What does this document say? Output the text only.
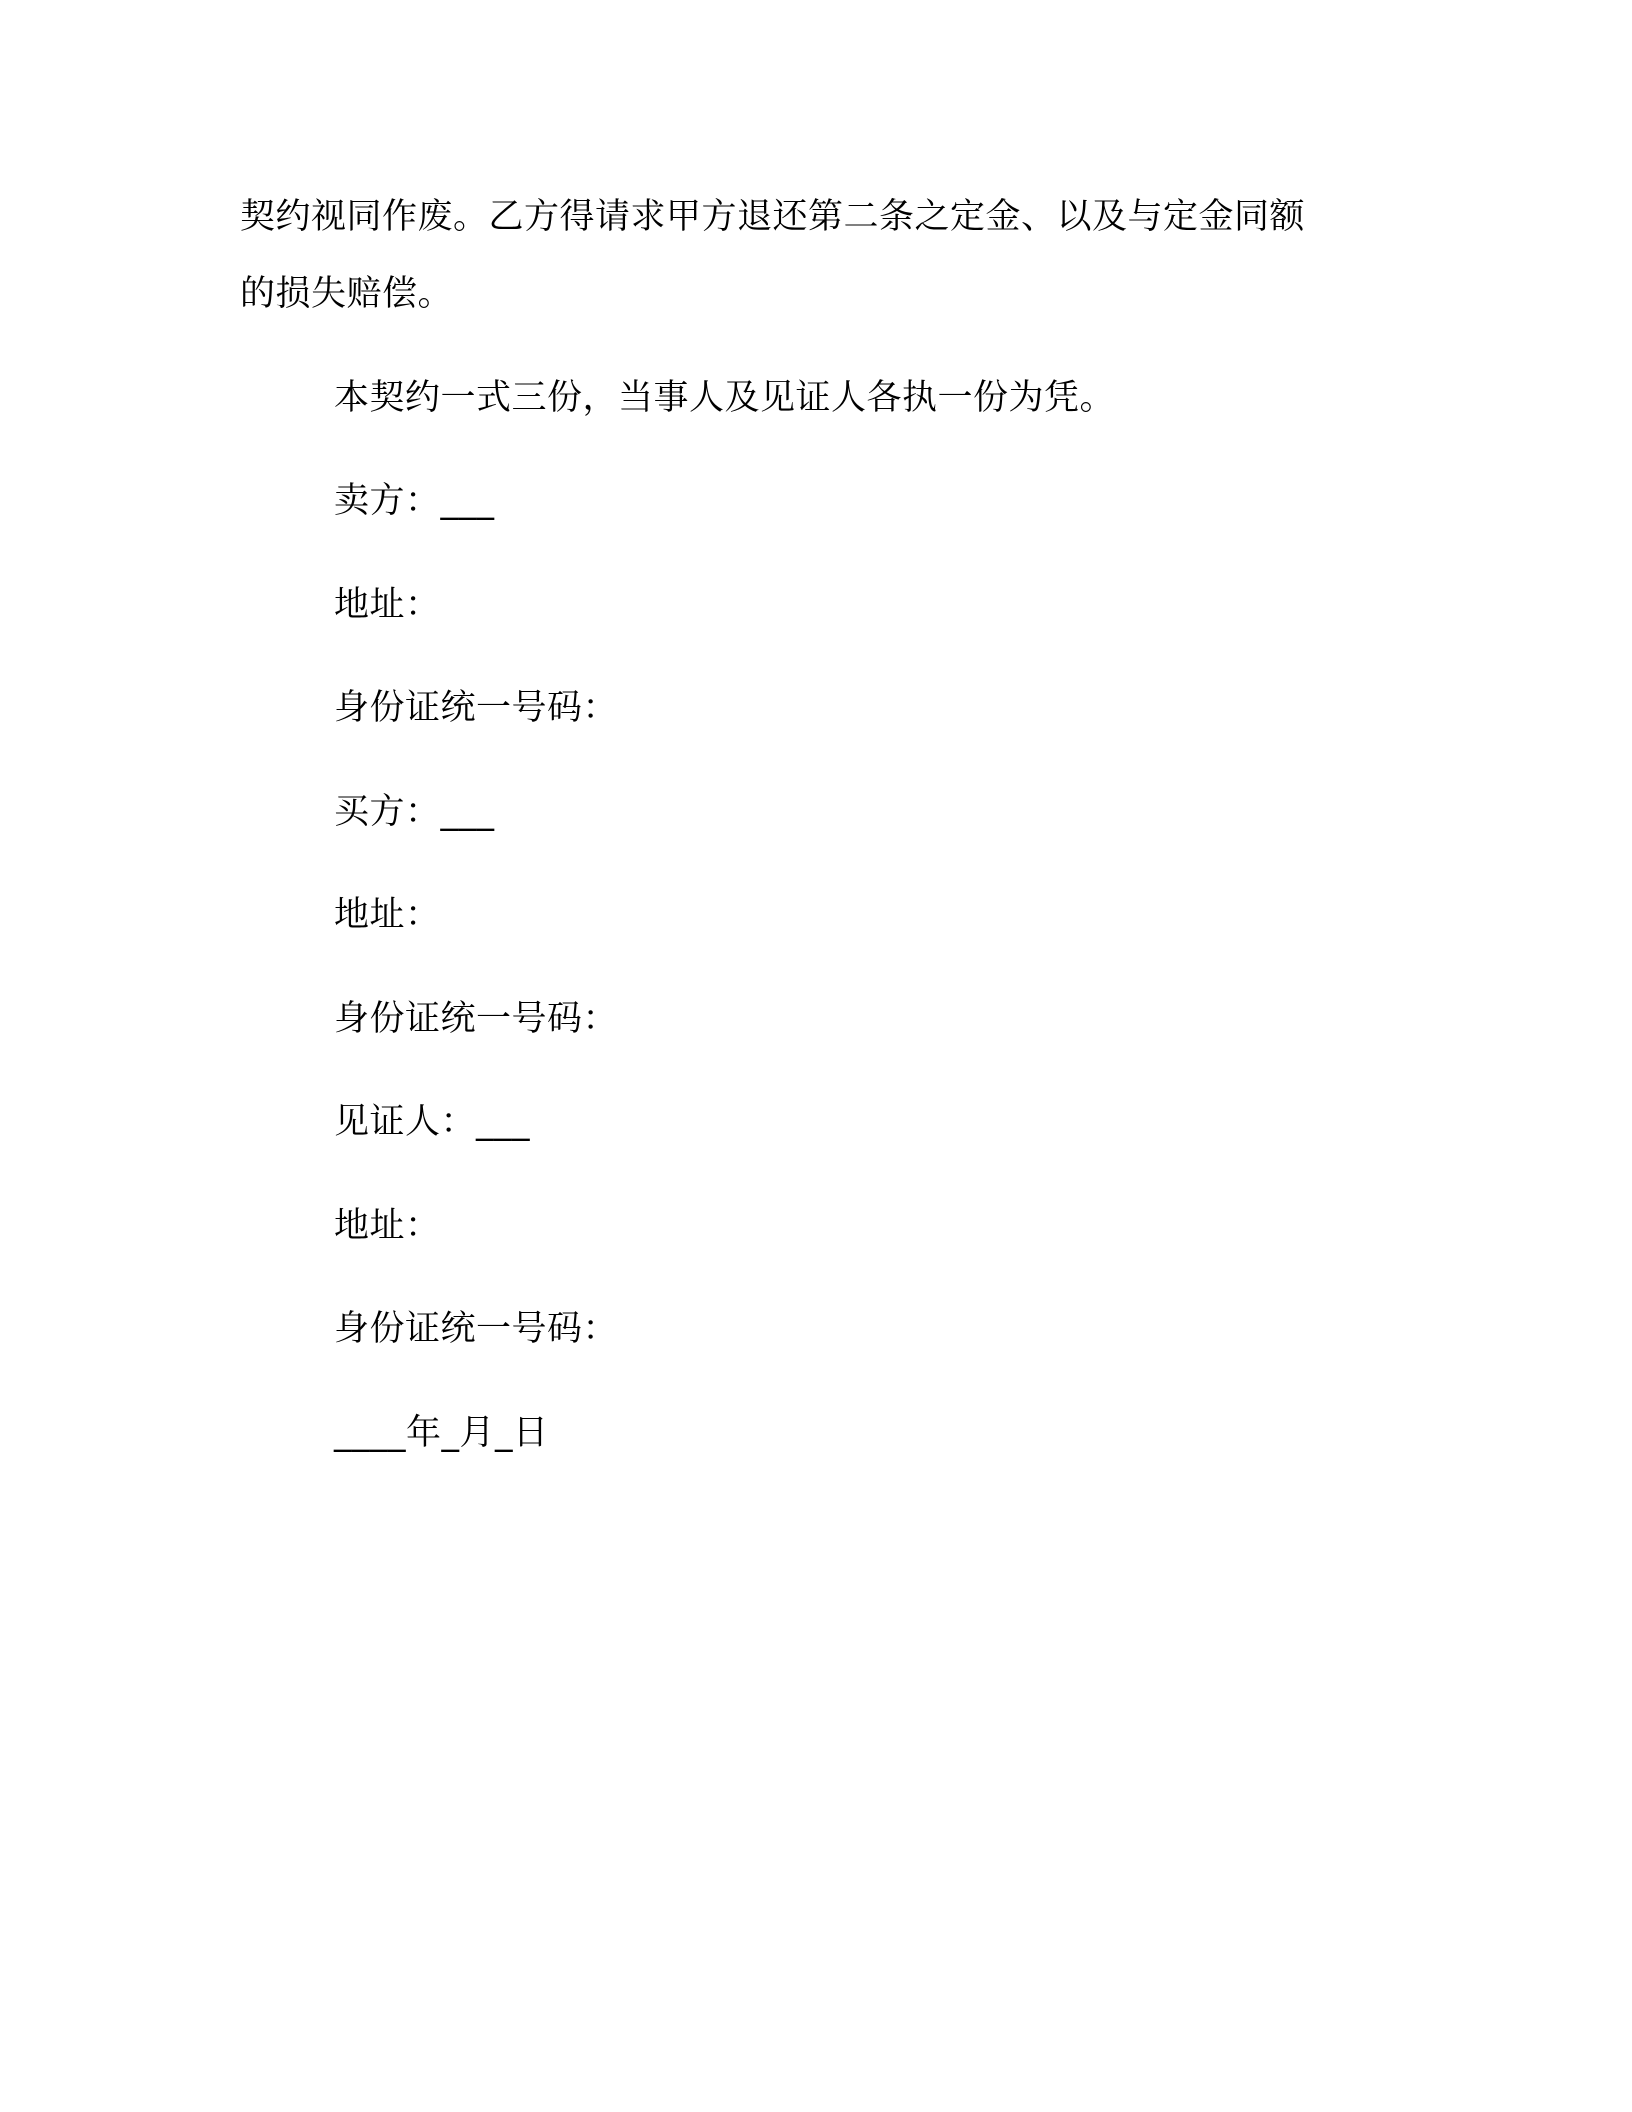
契约视同作废。乙方得请求甲方退还第二条之定金、以及与定金同额
的损失赔偿。
本契约一式三份，当事人及见证人各执一份为凭。
卖方：___
地址：
身份证统一号码：
买方：___
地址：
身份证统一号码：
见证人：___
地址：
身份证统一号码：
____年_月_日
